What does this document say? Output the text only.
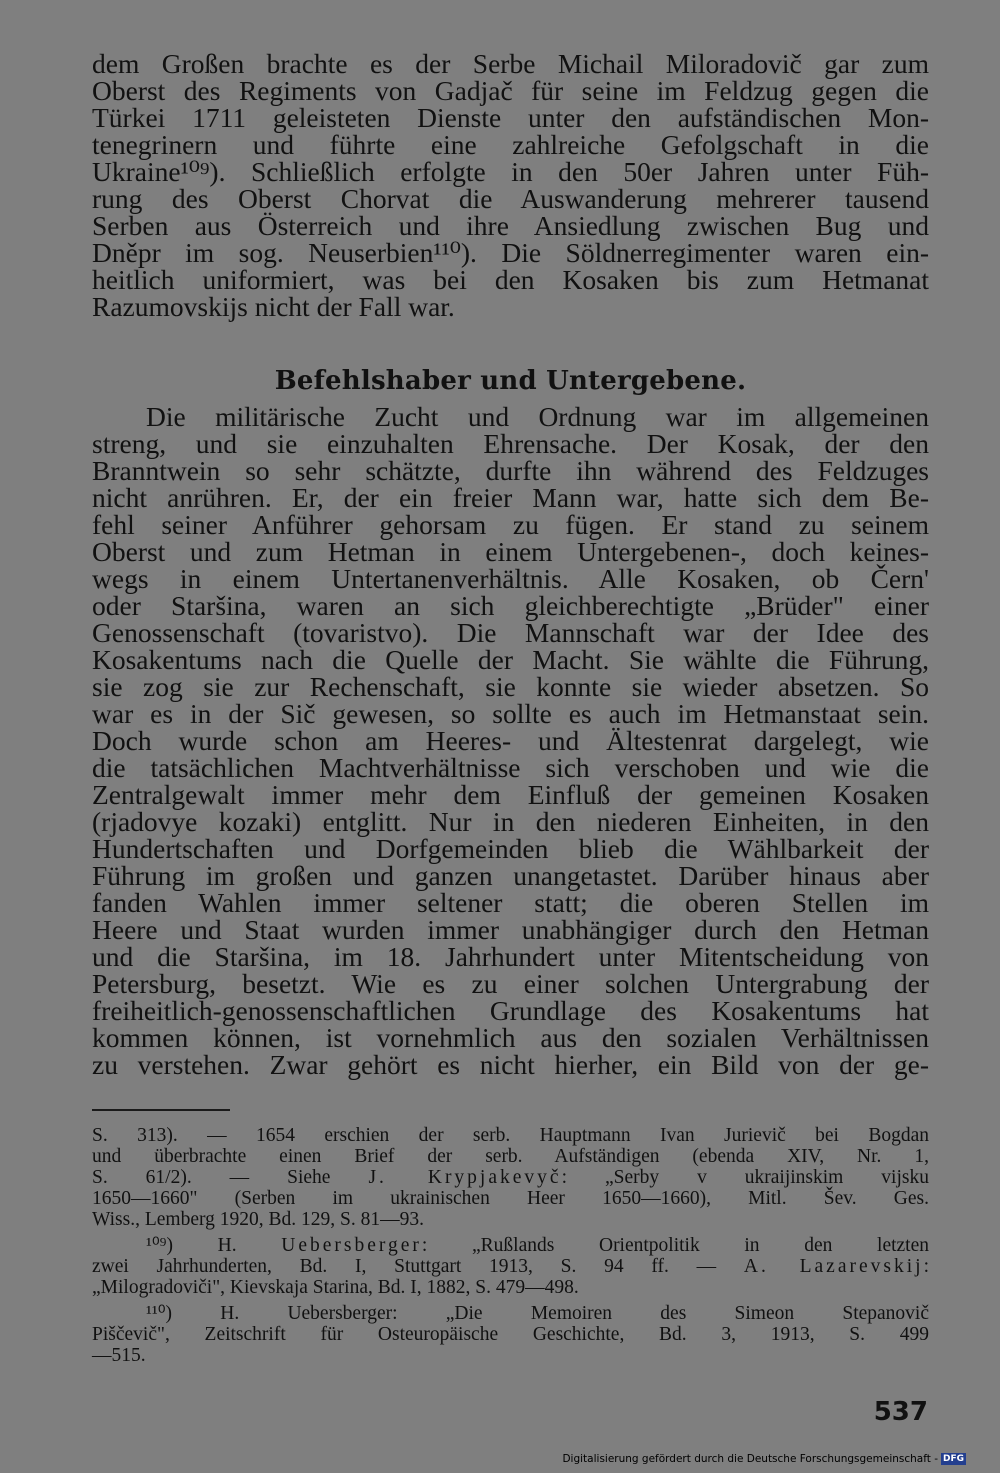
dem Großen brachte es der Serbe Michail Miloradovič gar zum
Oberst des Regiments von Gadjač für seine im Feldzug gegen die
Türkei 1711 geleisteten Dienste unter den aufständischen Mon-
tenegrinern und führte eine zahlreiche Gefolgschaft in die
Ukraine¹⁰⁹). Schließlich erfolgte in den 50er Jahren unter Füh-
rung des Oberst Chorvat die Auswanderung mehrerer tausend
Serben aus Österreich und ihre Ansiedlung zwischen Bug und
Dněpr im sog. Neuserbien¹¹⁰). Die Söldnerregimenter waren ein-
heitlich uniformiert, was bei den Kosaken bis zum Hetmanat
Razumovskijs nicht der Fall war.
Befehlshaber und Untergebene.
Die militärische Zucht und Ordnung war im allgemeinen
streng, und sie einzuhalten Ehrensache. Der Kosak, der den
Branntwein so sehr schätzte, durfte ihn während des Feldzuges
nicht anrühren. Er, der ein freier Mann war, hatte sich dem Be-
fehl seiner Anführer gehorsam zu fügen. Er stand zu seinem
Oberst und zum Hetman in einem Untergebenen-, doch keines-
wegs in einem Untertanenverhältnis. Alle Kosaken, ob Čern'
oder Staršina, waren an sich gleichberechtigte „Brüder" einer
Genossenschaft (tovaristvo). Die Mannschaft war der Idee des
Kosakentums nach die Quelle der Macht. Sie wählte die Führung,
sie zog sie zur Rechenschaft, sie konnte sie wieder absetzen. So
war es in der Sič gewesen, so sollte es auch im Hetmanstaat sein.
Doch wurde schon am Heeres- und Ältestenrat dargelegt, wie
die tatsächlichen Machtverhältnisse sich verschoben und wie die
Zentralgewalt immer mehr dem Einfluß der gemeinen Kosaken
(rjadovye kozaki) entglitt. Nur in den niederen Einheiten, in den
Hundertschaften und Dorfgemeinden blieb die Wählbarkeit der
Führung im großen und ganzen unangetastet. Darüber hinaus aber
fanden Wahlen immer seltener statt; die oberen Stellen im
Heere und Staat wurden immer unabhängiger durch den Hetman
und die Staršina, im 18. Jahrhundert unter Mitentscheidung von
Petersburg, besetzt. Wie es zu einer solchen Untergrabung der
freiheitlich-genossenschaftlichen Grundlage des Kosakentums hat
kommen können, ist vornehmlich aus den sozialen Verhältnissen
zu verstehen. Zwar gehört es nicht hierher, ein Bild von der ge-
S. 313). — 1654 erschien der serb. Hauptmann Ivan Jurievič bei Bogdan
und überbrachte einen Brief der serb. Aufständigen (ebenda XIV, Nr. 1,
S. 61/2). — Siehe J. Krypjakevyč: „Serby v ukraijinskim vijsku
1650—1660" (Serben im ukrainischen Heer 1650—1660), Mitl. Šev. Ges.
Wiss., Lemberg 1920, Bd. 129, S. 81—93.
¹⁰⁹) H. Uebersberger: „Rußlands Orientpolitik in den letzten
zwei Jahrhunderten, Bd. I, Stuttgart 1913, S. 94 ff. — A. Lazarevskij:
„Milogradoviči", Kievskaja Starina, Bd. I, 1882, S. 479—498.
¹¹⁰) H. Uebersberger: „Die Memoiren des Simeon Stepanovič
Piščevič", Zeitschrift für Osteuropäische Geschichte, Bd. 3, 1913, S. 499
—515.
537
Digitalisierung gefördert durch die Deutsche Forschungsgemeinschaft - DFG
